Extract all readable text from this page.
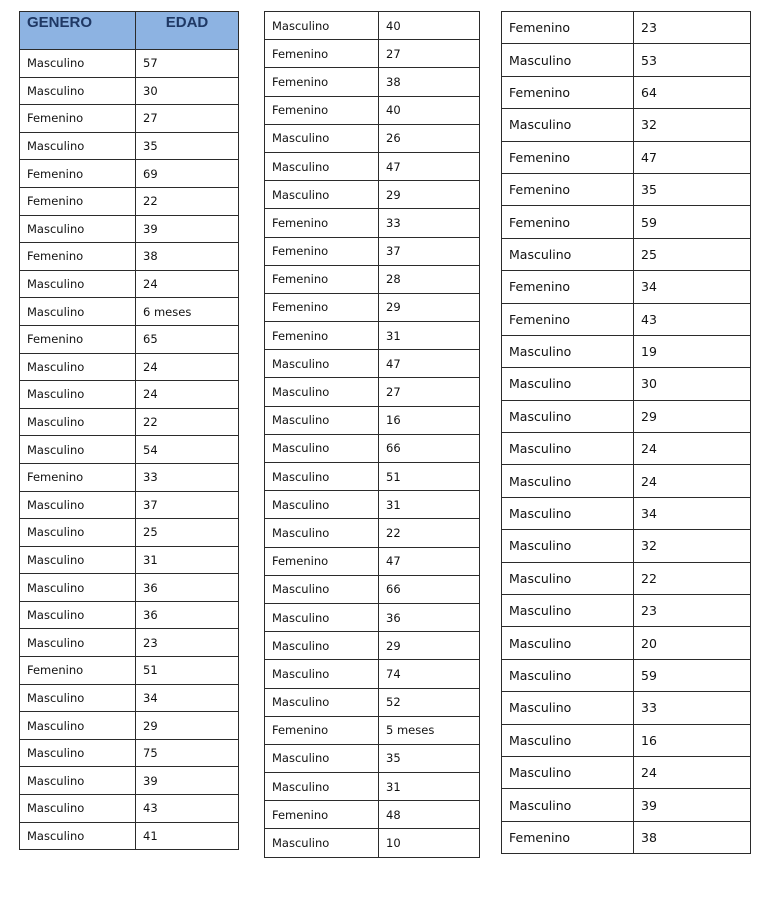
GENERO	EDAD
Masculino	57
Masculino	30
Femenino	27
Masculino	35
Femenino	69
Femenino	22
Masculino	39
Femenino	38
Masculino	24
Masculino	6 meses
Femenino	65
Masculino	24
Masculino	24
Masculino	22
Masculino	54
Femenino	33
Masculino	37
Masculino	25
Masculino	31
Masculino	36
Masculino	36
Masculino	23
Femenino	51
Masculino	34
Masculino	29
Masculino	75
Masculino	39
Masculino	43
Masculino	41
Masculino	40
Femenino	27
Femenino	38
Femenino	40
Masculino	26
Masculino	47
Masculino	29
Femenino	33
Femenino	37
Femenino	28
Femenino	29
Femenino	31
Masculino	47
Masculino	27
Masculino	16
Masculino	66
Masculino	51
Masculino	31
Masculino	22
Femenino	47
Masculino	66
Masculino	36
Masculino	29
Masculino	74
Masculino	52
Femenino	5 meses
Masculino	35
Masculino	31
Femenino	48
Masculino	10
Femenino	23
Masculino	53
Femenino	64
Masculino	32
Femenino	47
Femenino	35
Femenino	59
Masculino	25
Femenino	34
Femenino	43
Masculino	19
Masculino	30
Masculino	29
Masculino	24
Masculino	24
Masculino	34
Masculino	32
Masculino	22
Masculino	23
Masculino	20
Masculino	59
Masculino	33
Masculino	16
Masculino	24
Masculino	39
Femenino	38
